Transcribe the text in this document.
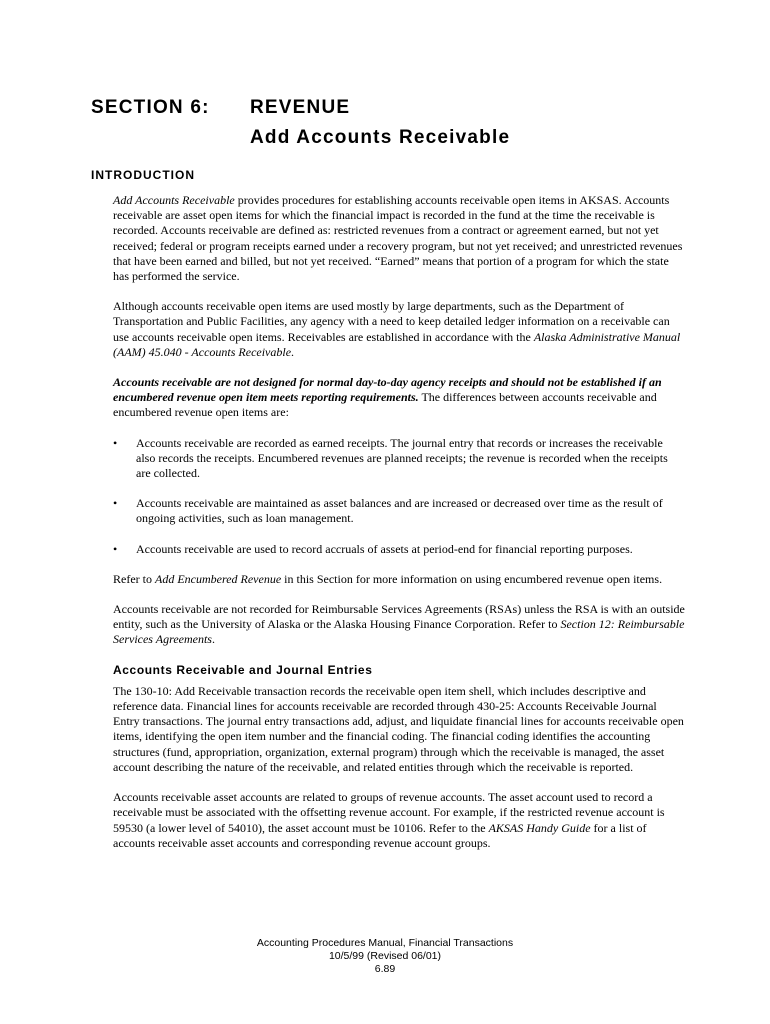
SECTION 6: REVENUE
Add Accounts Receivable
INTRODUCTION

Add Accounts Receivable provides procedures for establishing accounts receivable open items in AKSAS. Accounts receivable are asset open items for which the financial impact is recorded in the fund at the time the receivable is recorded. Accounts receivable are defined as: restricted revenues from a contract or agreement earned, but not yet received; federal or program receipts earned under a recovery program, but not yet received; and unrestricted revenues that have been earned and billed, but not yet received. “Earned” means that portion of a program for which the state has performed the service.

Although accounts receivable open items are used mostly by large departments, such as the Department of Transportation and Public Facilities, any agency with a need to keep detailed ledger information on a receivable can use accounts receivable open items. Receivables are established in accordance with the Alaska Administrative Manual (AAM) 45.040 - Accounts Receivable.

Accounts receivable are not designed for normal day-to-day agency receipts and should not be established if an encumbered revenue open item meets reporting requirements. The differences between accounts receivable and encumbered revenue open items are:

• Accounts receivable are recorded as earned receipts. The journal entry that records or increases the receivable also records the receipts. Encumbered revenues are planned receipts; the revenue is recorded when the receipts are collected.
• Accounts receivable are maintained as asset balances and are increased or decreased over time as the result of ongoing activities, such as loan management.
• Accounts receivable are used to record accruals of assets at period-end for financial reporting purposes.

Refer to Add Encumbered Revenue in this Section for more information on using encumbered revenue open items.

Accounts receivable are not recorded for Reimbursable Services Agreements (RSAs) unless the RSA is with an outside entity, such as the University of Alaska or the Alaska Housing Finance Corporation. Refer to Section 12: Reimbursable Services Agreements.

Accounts Receivable and Journal Entries

The 130-10: Add Receivable transaction records the receivable open item shell, which includes descriptive and reference data. Financial lines for accounts receivable are recorded through 430-25: Accounts Receivable Journal Entry transactions. The journal entry transactions add, adjust, and liquidate financial lines for accounts receivable open items, identifying the open item number and the financial coding. The financial coding identifies the accounting structures (fund, appropriation, organization, external program) through which the receivable is managed, the asset account describing the nature of the receivable, and related entities through which the receivable is reported.

Accounts receivable asset accounts are related to groups of revenue accounts. The asset account used to record a receivable must be associated with the offsetting revenue account. For example, if the restricted revenue account is 59530 (a lower level of 54010), the asset account must be 10106. Refer to the AKSAS Handy Guide for a list of accounts receivable asset accounts and corresponding revenue account groups.

Accounting Procedures Manual, Financial Transactions
10/5/99 (Revised 06/01)
6.89
